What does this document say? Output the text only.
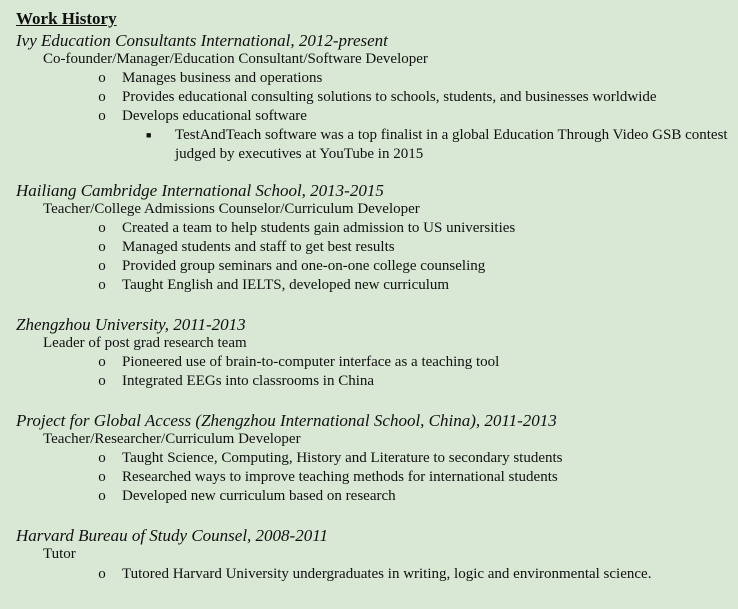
Work History
Ivy Education Consultants International, 2012-present
Co-founder/Manager/Education Consultant/Software Developer
o Manages business and operations
o Provides educational consulting solutions to schools, students, and businesses worldwide
o Develops educational software
■ TestAndTeach software was a top finalist in a global Education Through Video GSB contest judged by executives at YouTube in 2015
Hailiang Cambridge International School, 2013-2015
Teacher/College Admissions Counselor/Curriculum Developer
o Created a team to help students gain admission to US universities
o Managed students and staff to get best results
o Provided group seminars and one-on-one college counseling
o Taught English and IELTS, developed new curriculum
Zhengzhou University, 2011-2013
Leader of post grad research team
o Pioneered use of brain-to-computer interface as a teaching tool
o Integrated EEGs into classrooms in China
Project for Global Access (Zhengzhou International School, China), 2011-2013
Teacher/Researcher/Curriculum Developer
o Taught Science, Computing, History and Literature to secondary students
o Researched ways to improve teaching methods for international students
o Developed new curriculum based on research
Harvard Bureau of Study Counsel, 2008-2011
Tutor
o Tutored Harvard University undergraduates in writing, logic and environmental science.
